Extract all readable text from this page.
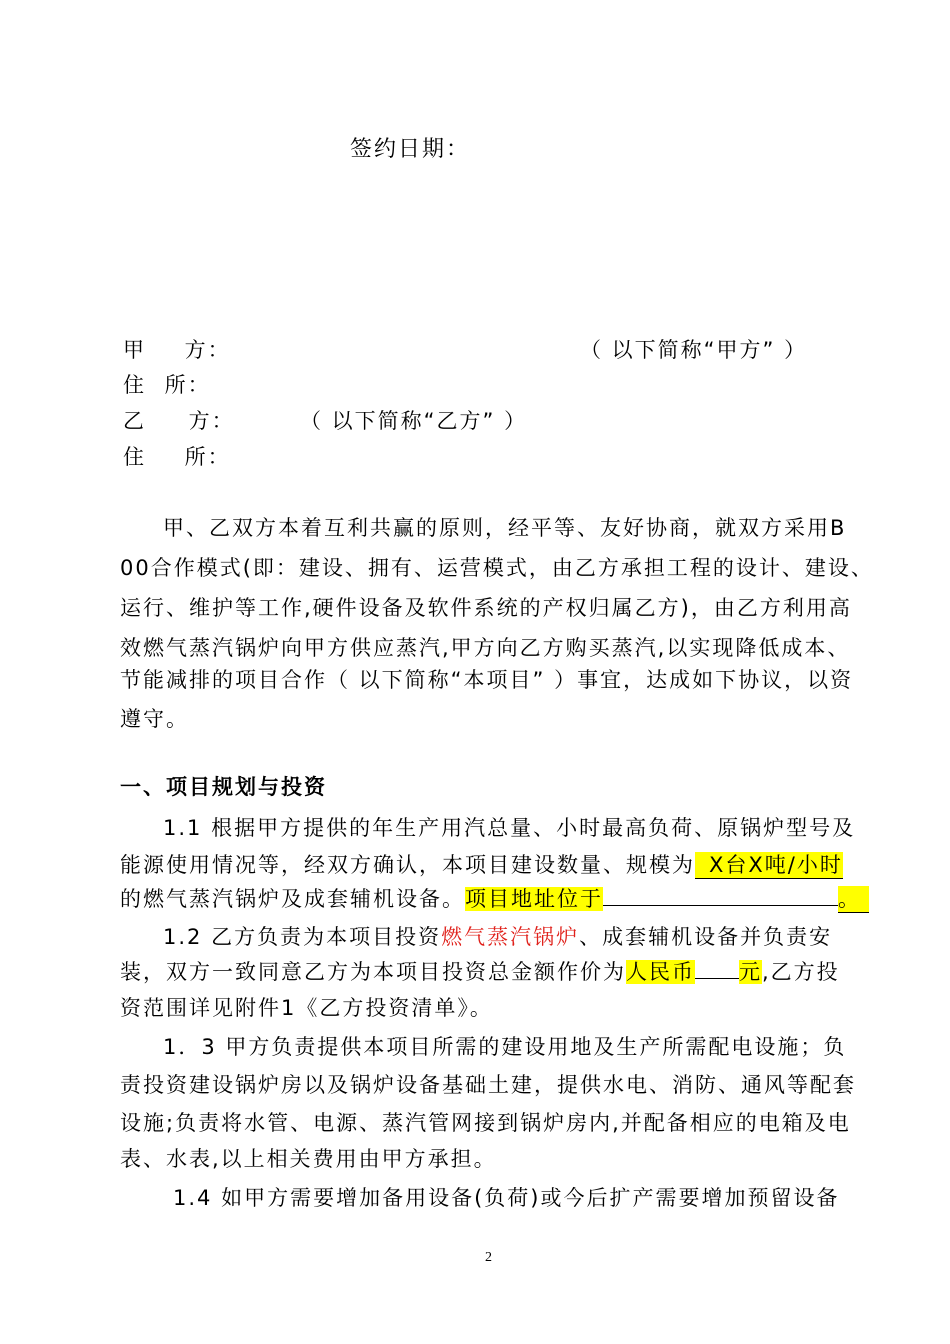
签约日期：
甲 方：	（ 以下简称“甲方” ）
住 所：
乙 方：	（ 以下简称“乙方” ）
住 所：
甲、乙双方本着互利共赢的原则，经平等、友好协商，就双方采用B
00合作模式(即：建设、拥有、运营模式，由乙方承担工程的设计、建设、
运行、维护等工作,硬件设备及软件系统的产权归属乙方)，由乙方利用高
效燃气蒸汽锅炉向甲方供应蒸汽,甲方向乙方购买蒸汽,以实现降低成本、
节能减排的项目合作（ 以下简称“本项目” ）事宜，达成如下协议，以资
遵守。
一、项目规划与投资
1.1 根据甲方提供的年生产用汽总量、小时最高负荷、原锅炉型号及
能源使用情况等，经双方确认，本项目建设数量、规模为 X台X吨/小时
的燃气蒸汽锅炉及成套辅机设备。项目地址位于	。
1.2 乙方负责为本项目投资燃气蒸汽锅炉、成套辅机设备并负责安
装，双方一致同意乙方为本项目投资总金额作价为人民币 元,乙方投
资范围详见附件1《乙方投资清单》。
1．3 甲方负责提供本项目所需的建设用地及生产所需配电设施；负
责投资建设锅炉房以及锅炉设备基础土建，提供水电、消防、通风等配套
设施;负责将水管、电源、蒸汽管网接到锅炉房内,并配备相应的电箱及电
表、水表,以上相关费用由甲方承担。
1.4 如甲方需要增加备用设备(负荷)或今后扩产需要增加预留设备
2
